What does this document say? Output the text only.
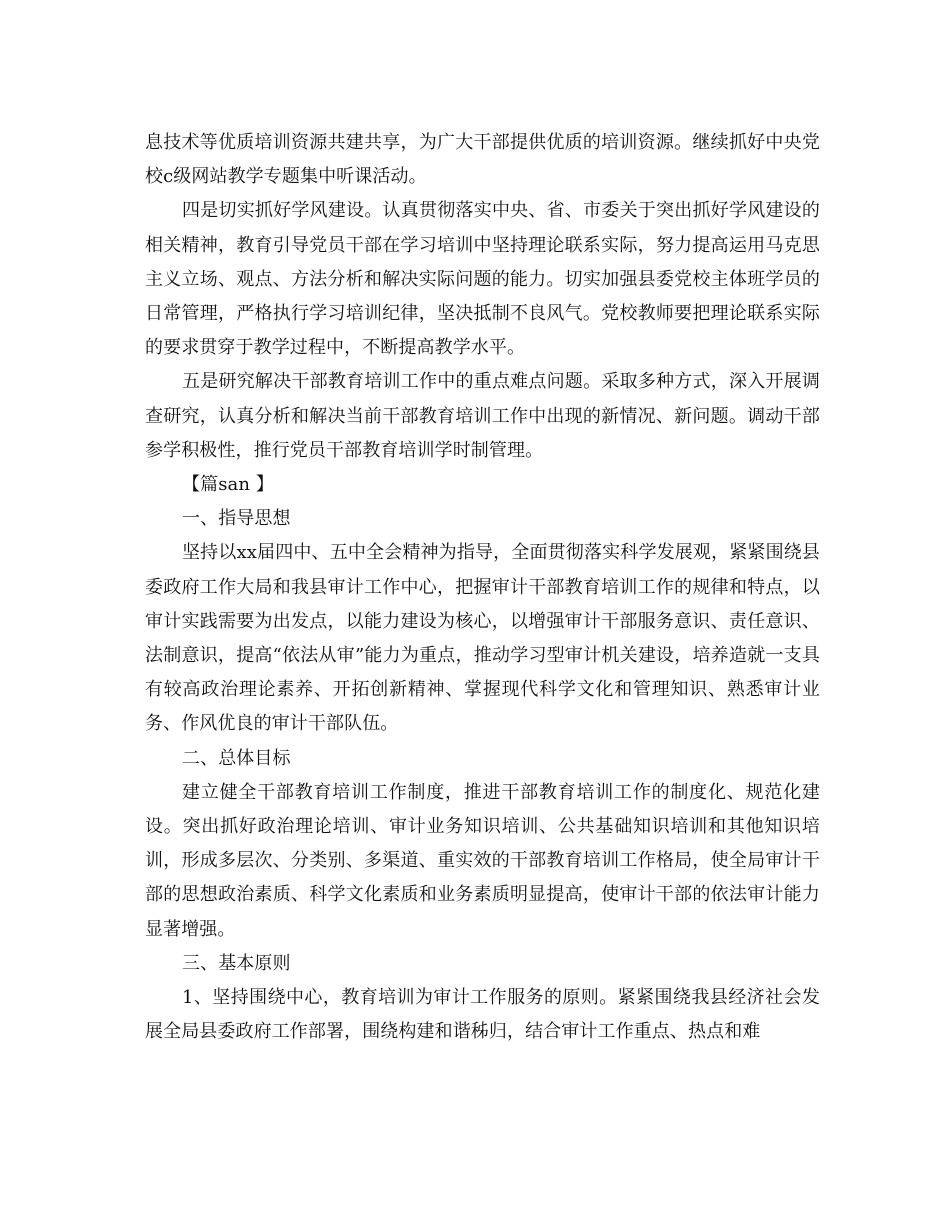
息技术等优质培训资源共建共享，为广大干部提供优质的培训资源。继续抓好中央党校c级网站教学专题集中听课活动。

四是切实抓好学风建设。认真贯彻落实中央、省、市委关于突出抓好学风建设的相关精神，教育引导党员干部在学习培训中坚持理论联系实际，努力提高运用马克思主义立场、观点、方法分析和解决实际问题的能力。切实加强县委党校主体班学员的日常管理，严格执行学习培训纪律，坚决抵制不良风气。党校教师要把理论联系实际的要求贯穿于教学过程中，不断提高教学水平。

五是研究解决干部教育培训工作中的重点难点问题。采取多种方式，深入开展调查研究，认真分析和解决当前干部教育培训工作中出现的新情况、新问题。调动干部参学积极性，推行党员干部教育培训学时制管理。

【篇san 】

一、指导思想

坚持以xx届四中、五中全会精神为指导，全面贯彻落实科学发展观，紧紧围绕县委政府工作大局和我县审计工作中心，把握审计干部教育培训工作的规律和特点，以审计实践需要为出发点，以能力建设为核心，以增强审计干部服务意识、责任意识、法制意识，提高“依法从审”能力为重点，推动学习型审计机关建设，培养造就一支具有较高政治理论素养、开拓创新精神、掌握现代科学文化和管理知识、熟悉审计业务、作风优良的审计干部队伍。

二、总体目标

建立健全干部教育培训工作制度，推进干部教育培训工作的制度化、规范化建设。突出抓好政治理论培训、审计业务知识培训、公共基础知识培训和其他知识培训，形成多层次、分类别、多渠道、重实效的干部教育培训工作格局，使全局审计干部的思想政治素质、科学文化素质和业务素质明显提高，使审计干部的依法审计能力显著增强。

三、基本原则

1、坚持围绕中心，教育培训为审计工作服务的原则。紧紧围绕我县经济社会发展全局县委政府工作部署，围绕构建和谐秭归，结合审计工作重点、热点和难
